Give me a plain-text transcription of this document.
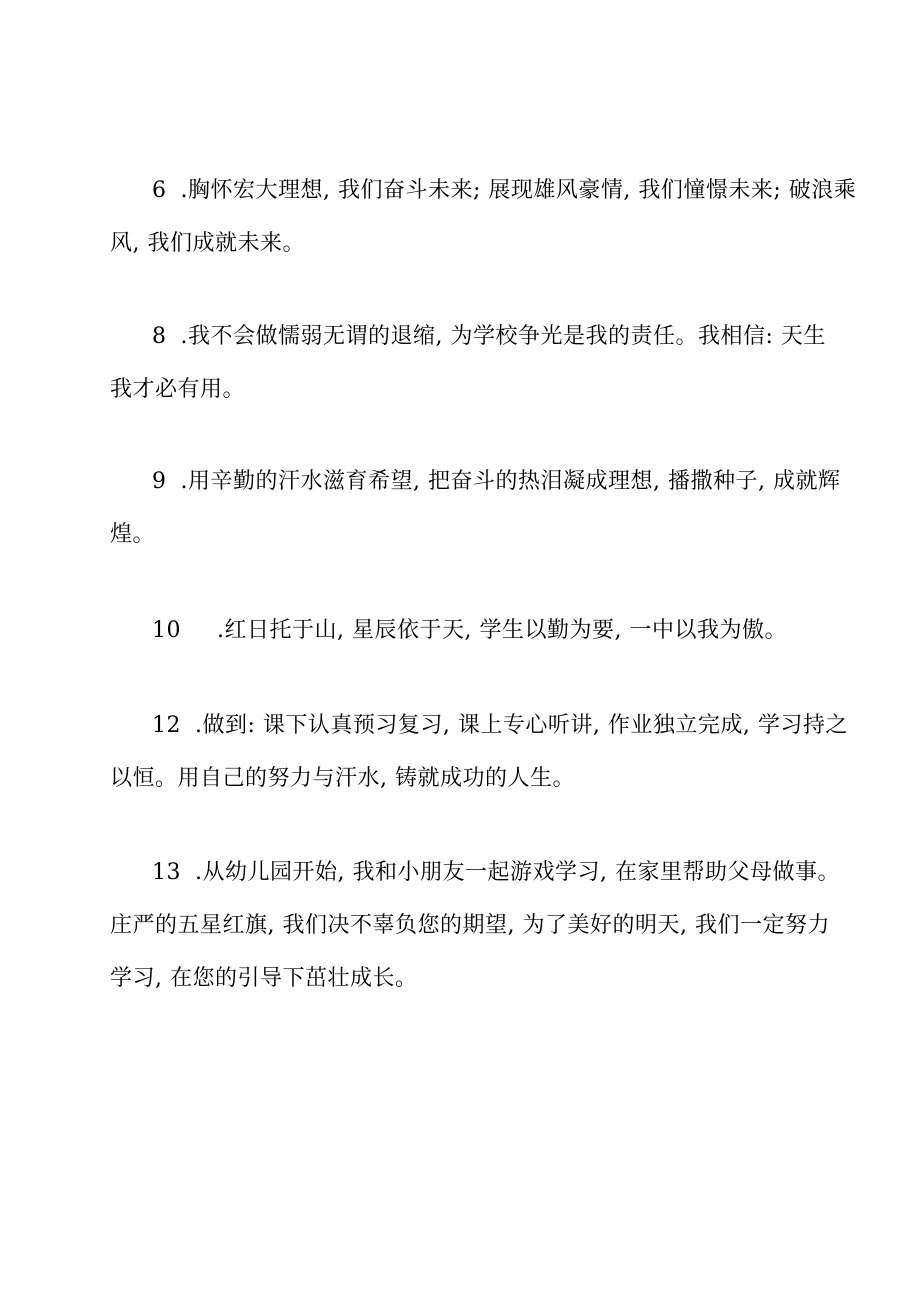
6 .胸怀宏大理想, 我们奋斗未来; 展现雄风豪情, 我们憧憬未来; 破浪乘
风, 我们成就未来。
8 .我不会做懦弱无谓的退缩, 为学校争光是我的责任。我相信: 天生
我才必有用。
9 .用辛勤的汗水滋育希望, 把奋斗的热泪凝成理想, 播撒种子, 成就辉
煌。
10 .红日托于山, 星辰依于天, 学生以勤为要, 一中以我为傲。
12 .做到: 课下认真预习复习, 课上专心听讲, 作业独立完成, 学习持之
以恒。用自己的努力与汗水, 铸就成功的人生。
13 .从幼儿园开始, 我和小朋友一起游戏学习, 在家里帮助父母做事。
庄严的五星红旗, 我们决不辜负您的期望, 为了美好的明天, 我们一定努力
学习, 在您的引导下茁壮成长。
